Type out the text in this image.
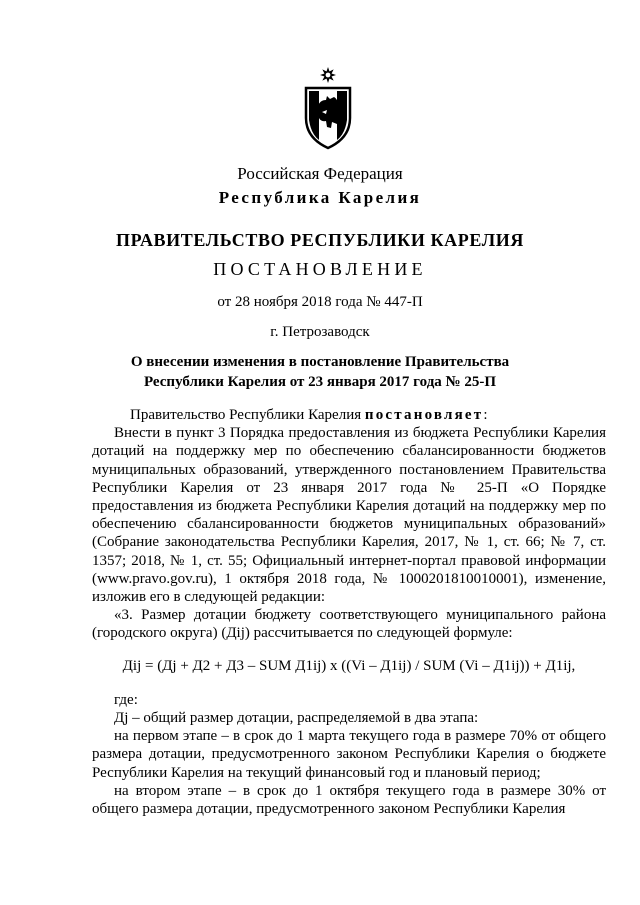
Российская Федерация
Республика Карелия
ПРАВИТЕЛЬСТВО РЕСПУБЛИКИ КАРЕЛИЯ
ПОСТАНОВЛЕНИЕ
от 28 ноября 2018 года № 447-П
г. Петрозаводск
О внесении изменения в постановление Правительства
Республики Карелия от 23 января 2017 года № 25-П

Правительство Республики Карелия постановляет:

Внести в пункт 3 Порядка предоставления из бюджета Республики Карелия дотаций на поддержку мер по обеспечению сбалансированности бюджетов муниципальных образований, утвержденного постановлением Правительства Республики Карелия от 23 января 2017 года № 25-П «О Порядке предоставления из бюджета Республики Карелия дотаций на поддержку мер по обеспечению сбалансированности бюджетов муниципальных образований» (Собрание законодательства Республики Карелия, 2017, № 1, ст. 66; № 7, ст. 1357; 2018, № 1, ст. 55; Официальный интернет-портал правовой информации (www.pravo.gov.ru), 1 октября 2018 года, № 1000201810010001), изменение, изложив его в следующей редакции:

«3. Размер дотации бюджету соответствующего муниципального района (городского округа) (Дij) рассчитывается по следующей формуле:

Дij = (Дj + Д2 + Д3 – SUM Д1ij) x ((Vi – Д1ij) / SUM (Vi – Д1ij)) + Д1ij,

где:

Дj – общий размер дотации, распределяемой в два этапа:

на первом этапе – в срок до 1 марта текущего года в размере 70% от общего размера дотации, предусмотренного законом Республики Карелия о бюджете Республики Карелия на текущий финансовый год и плановый период;

на втором этапе – в срок до 1 октября текущего года в размере 30% от общего размера дотации, предусмотренного законом Республики Карелия
